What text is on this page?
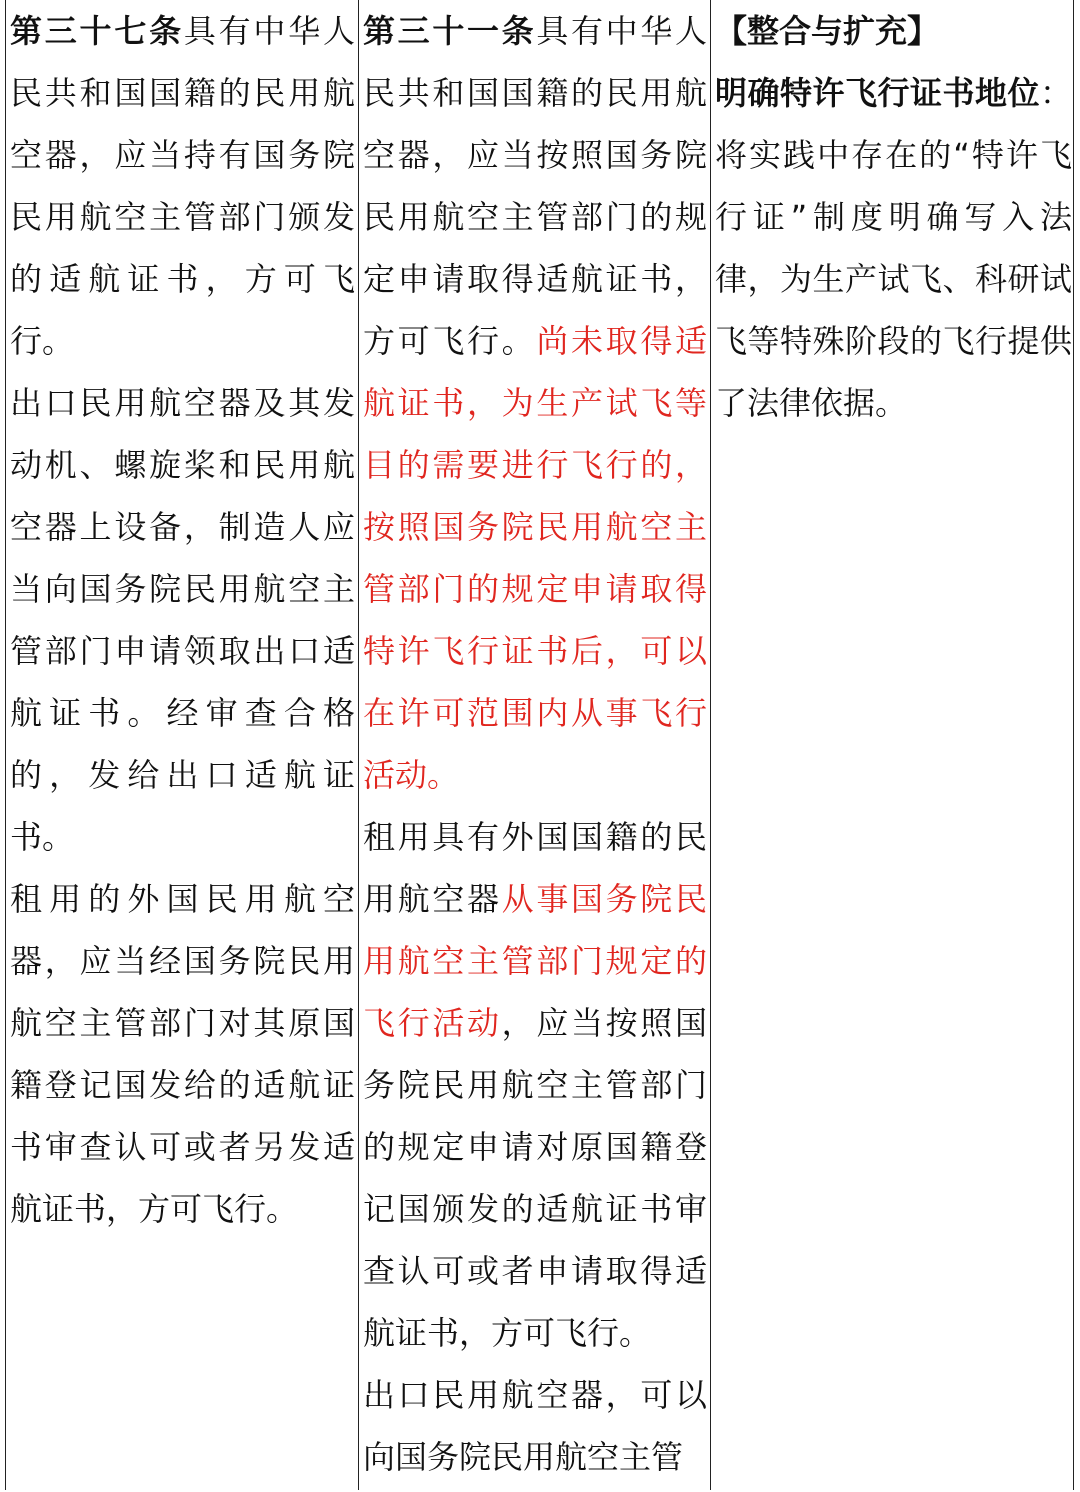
第三十七条具有中华人民共和国国籍的民用航空器，应当持有国务院民用航空主管部门颁发的适航证书，方可飞行。

出口民用航空器及其发动机、螺旋桨和民用航空器上设备，制造人应当向国务院民用航空主管部门申请领取出口适航证书。经审查合格的，发给出口适航证书。

租用的外国民用航空器，应当经国务院民用航空主管部门对其原国籍登记国发给的适航证书审查认可或者另发适航证书，方可飞行。

第三十一条具有中华人民共和国国籍的民用航空器，应当按照国务院民用航空主管部门的规定申请取得适航证书，方可飞行。尚未取得适航证书，为生产试飞等目的需要进行飞行的，按照国务院民用航空主管部门的规定申请取得特许飞行证书后，可以在许可范围内从事飞行活动。

租用具有外国国籍的民用航空器从事国务院民用航空主管部门规定的飞行活动，应当按照国务院民用航空主管部门的规定申请对原国籍登记国颁发的适航证书审查认可或者申请取得适航证书，方可飞行。

出口民用航空器，可以向国务院民用航空主管

【整合与扩充】

明确特许飞行证书地位：将实践中存在的“特许飞行证”制度明确写入法律，为生产试飞、科研试飞等特殊阶段的飞行提供了法律依据。
